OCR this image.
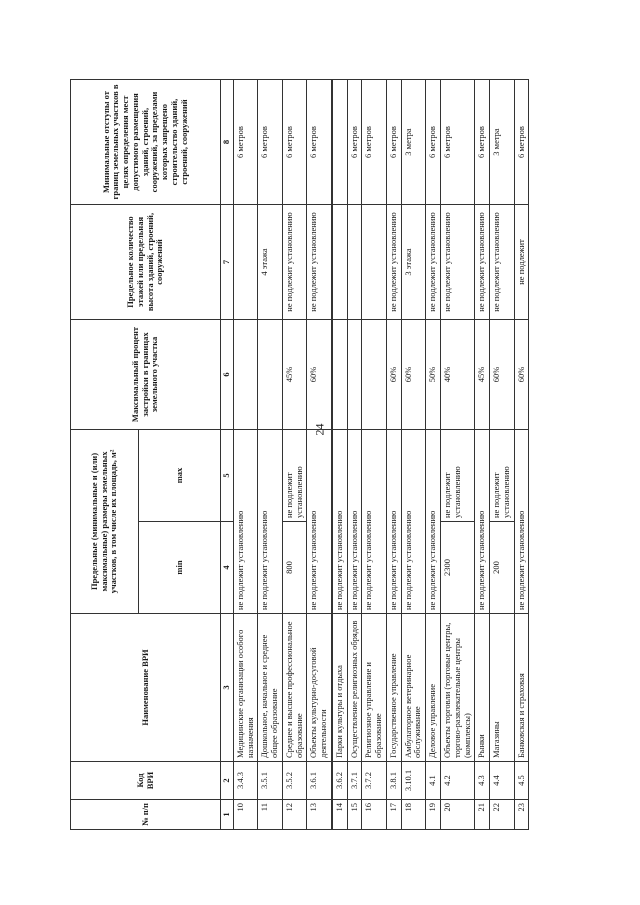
24
№ п/п	Код ВРИ	Наименование ВРИ	Предельные (минимальные и (или) максимальные) размеры земельных участков, в том числе их площадь, м²		Максимальный процент застройки в границах земельного участка	Предельное количество этажей или предельная высота зданий, строений, сооружений	Минимальные отступы от границ земельных участков в целях определения мест допустимого размещения зданий, строений, сооружений, за пределами которых запрещено строительство зданий, строений, сооружений
			min	max			
1	2	3	4	5	6	7	8
10	3.4.3	Медицинские организации особого назначения	не подлежит установлению				6 метров
11	3.5.1	Дошкольное, начальное и среднее общее образование	не подлежит установлению			4 этажа	6 метров
12	3.5.2	Среднее и высшее профессиональное образование	800	не подлежит установлению	45%	не подлежит установлению	6 метров
13	3.6.1	Объекты культурно-досуговой деятельности	не подлежит установлению		60%	не подлежит установлению	6 метров
14	3.6.2	Парки культуры и отдыха	не подлежит установлению				
15	3.7.1	Осуществление религиозных обрядов	не подлежит установлению				6 метров
16	3.7.2	Религиозное управление и образование	не подлежит установлению				6 метров
17	3.8.1	Государственное управление	не подлежит установлению		60%	не подлежит установлению	6 метров
18	3.10.1	Амбулаторное ветеринарное обслуживание	не подлежит установлению		60%	3 этажа	3 метра
19	4.1	Деловое управление	не подлежит установлению		50%	не подлежит установлению	6 метров
20	4.2	Объекты торговли (торговые центры, торгово-развлекательные центры (комплексы)	2300	не подлежит установлению	40%	не подлежит установлению	6 метров
21	4.3	Рынки	не подлежит установлению		45%	не подлежит установлению	6 метров
22	4.4	Магазины	200	не подлежит установлению	60%	не подлежит установлению	3 метра
23	4.5	Банковская и страховая	не подлежит установлению		60%	не подлежит	6 метров
